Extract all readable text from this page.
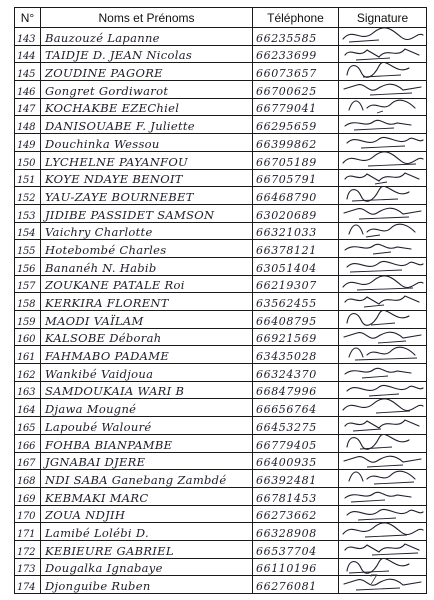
N°	Noms et Prénoms	Téléphone	Signature
143	Bauzouzé Lapanne	66235585	

144	TAIDJE D. JEAN Nicolas	66233699	

145	ZOUDINE PAGORE	66073657	

146	Gongret Gordiwarot	66700625	

147	KOCHAKBE EZEChiel	66779041	

148	DANISOUABE F. Juliette	66295659	

149	Douchinka Wessou	66399862	

150	LYCHELNE PAYANFOU	66705189	

151	KOYE NDAYE BENOIT	66705791	

152	YAU-ZAYE BOURNEBET	66468790	

153	JIDIBE PASSIDET SAMSON	63020689	

154	Vaichry Charlotte	66321033	

155	Hotebombé Charles	66378121	

156	Bananéh N. Habib	63051404	

157	ZOUKANE PATALE Roi	66219307	

158	KERKIRA FLORENT	63562455	

159	MAODI VAÏLAM	66408795	

160	KALSOBE Déborah	66921569	

161	FAHMABO PADAME	63435028	

162	Wankibé Vaidjoua	66324370	

163	SAMDOUKAIA WARI B	66847996	

164	Djawa Mougné	66656764	

165	Lapoubé Walouré	66453275	

166	FOHBA BIANPAMBE	66779405	

167	JGNABAI DJERE	66400935	

168	NDI SABA Ganebang Zambdé	66392481	

169	KEBMAKI MARC	66781453	

170	ZOUA NDJIH	66273662	

171	Lamibé Lolébi D.	66328908	

172	KEBIEURE GABRIEL	66537704	

173	Dougalka Ignabaye	66110196	

174	Djonguibe Ruben	66276081		7
